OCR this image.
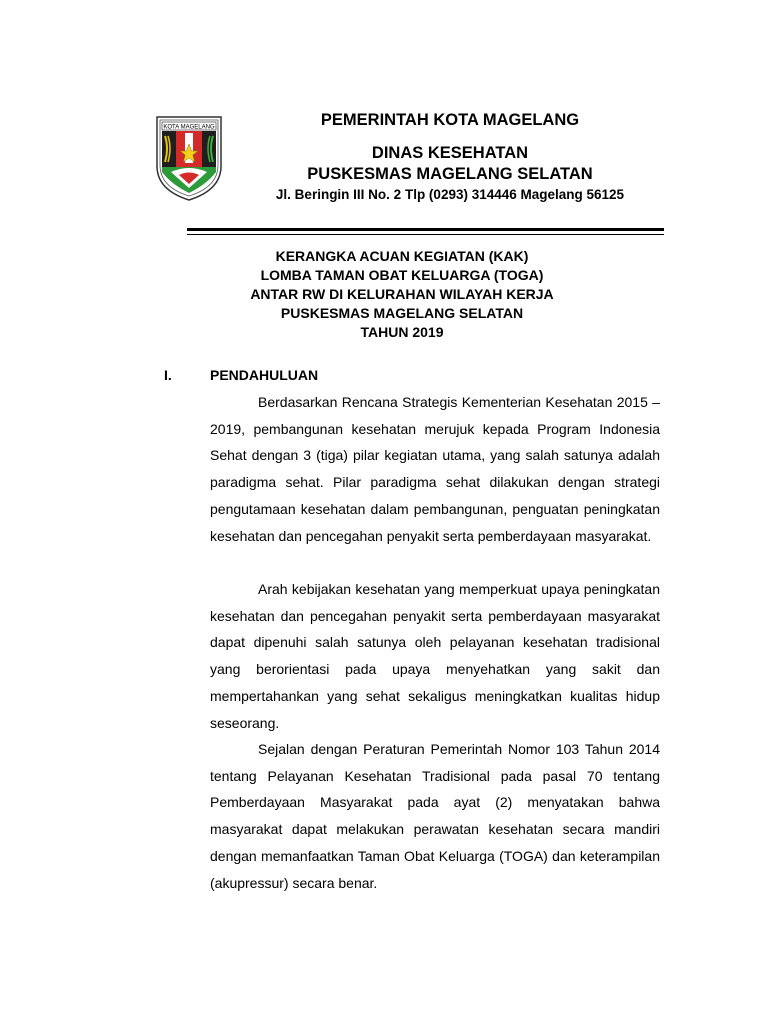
KOTA MAGELANG	PEMERINTAH KOTA MAGELANG
DINAS KESEHATAN
PUSKESMAS MAGELANG SELATAN
Jl. Beringin III No. 2 Tlp (0293) 314446 Magelang 56125
KERANGKA ACUAN KEGIATAN (KAK)
LOMBA TAMAN OBAT KELUARGA (TOGA)
ANTAR RW DI KELURAHAN WILAYAH KERJA
PUSKESMAS MAGELANG SELATAN
TAHUN 2019
I.	PENDAHULUAN
Berdasarkan Rencana Strategis Kementerian Kesehatan 2015 – 2019, pembangunan kesehatan merujuk kepada Program Indonesia Sehat dengan 3 (tiga) pilar kegiatan utama, yang salah satunya adalah paradigma sehat. Pilar paradigma sehat dilakukan dengan strategi pengutamaan kesehatan dalam pembangunan, penguatan peningkatan kesehatan dan pencegahan penyakit serta pemberdayaan masyarakat.
Arah kebijakan kesehatan yang memperkuat upaya peningkatan kesehatan dan pencegahan penyakit serta pemberdayaan masyarakat dapat dipenuhi salah satunya oleh pelayanan kesehatan tradisional yang berorientasi pada upaya menyehatkan yang sakit dan mempertahankan yang sehat sekaligus meningkatkan kualitas hidup seseorang.
Sejalan dengan Peraturan Pemerintah Nomor 103 Tahun 2014 tentang Pelayanan Kesehatan Tradisional pada pasal 70 tentang Pemberdayaan Masyarakat pada ayat (2) menyatakan bahwa masyarakat dapat melakukan perawatan kesehatan secara mandiri dengan memanfaatkan Taman Obat Keluarga (TOGA) dan keterampilan (akupressur) secara benar.
